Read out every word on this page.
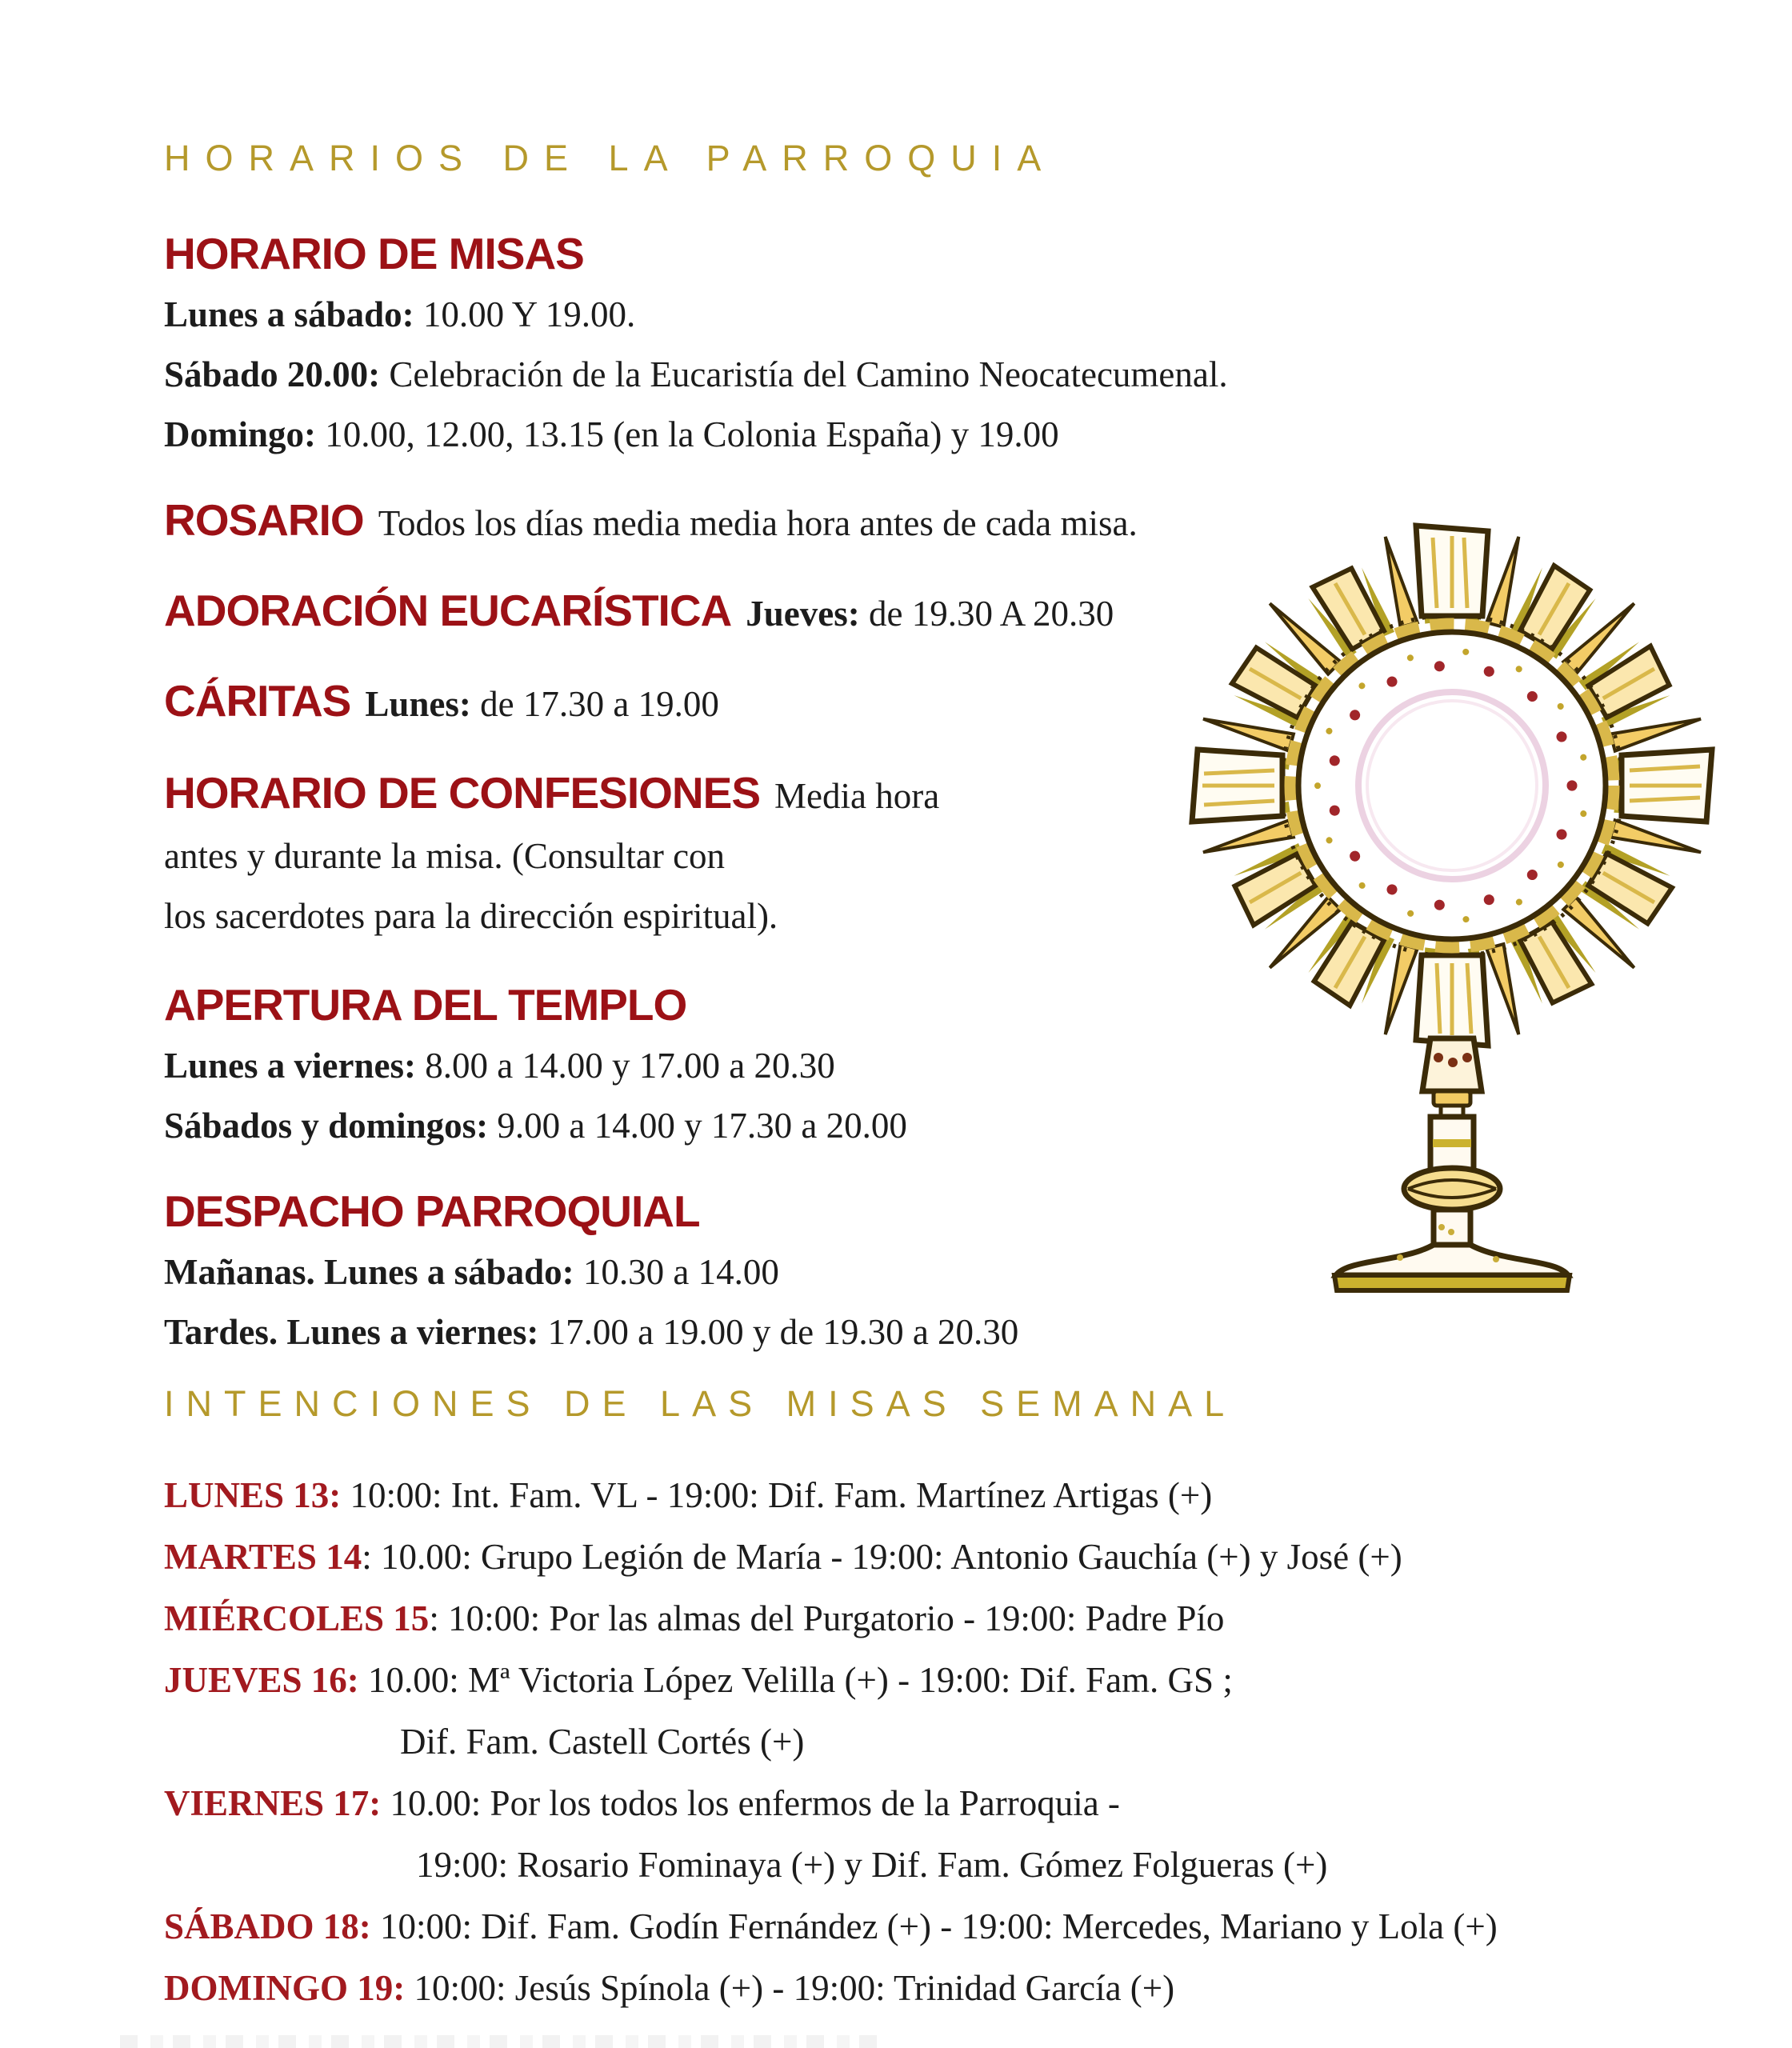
HORARIOS DE LA PARROQUIA
HORARIO DE MISAS

Lunes a sábado: 10.00 Y 19.00.

Sábado 20.00: Celebración de la Eucaristía del Camino Neocatecumenal.

Domingo: 10.00, 12.00, 13.15 (en la Colonia España) y 19.00

ROSARIO Todos los días media media hora antes de cada misa.

ADORACIÓN EUCARÍSTICA Jueves: de 19.30 A 20.30

CÁRITAS Lunes: de 17.30 a 19.00

HORARIO DE CONFESIONES Media hora

antes y durante la misa. (Consultar con

los sacerdotes para la dirección espiritual).

APERTURA DEL TEMPLO

Lunes a viernes: 8.00 a 14.00 y 17.00 a 20.30

Sábados y domingos: 9.00 a 14.00 y 17.30 a 20.00

DESPACHO PARROQUIAL

Mañanas. Lunes a sábado: 10.30 a 14.00

Tardes. Lunes a viernes: 17.00 a 19.00 y de 19.30 a 20.30

INTENCIONES DE LAS MISAS SEMANAL

LUNES 13: 10:00: Int. Fam. VL - 19:00: Dif. Fam. Martínez Artigas (+)

MARTES 14: 10.00: Grupo Legión de María - 19:00: Antonio Gauchía (+) y José (+)

MIÉRCOLES 15: 10:00: Por las almas del Purgatorio - 19:00: Padre Pío

JUEVES 16: 10.00: Mª Victoria López Velilla (+) - 19:00: Dif. Fam. GS ;

Dif. Fam. Castell Cortés (+)

VIERNES 17: 10.00: Por los todos los enfermos de la Parroquia -

19:00: Rosario Fominaya (+) y Dif. Fam. Gómez Folgueras (+)

SÁBADO 18: 10:00: Dif. Fam. Godín Fernández (+) - 19:00: Mercedes, Mariano y Lola (+)

DOMINGO 19: 10:00: Jesús Spínola (+) - 19:00: Trinidad García (+)
